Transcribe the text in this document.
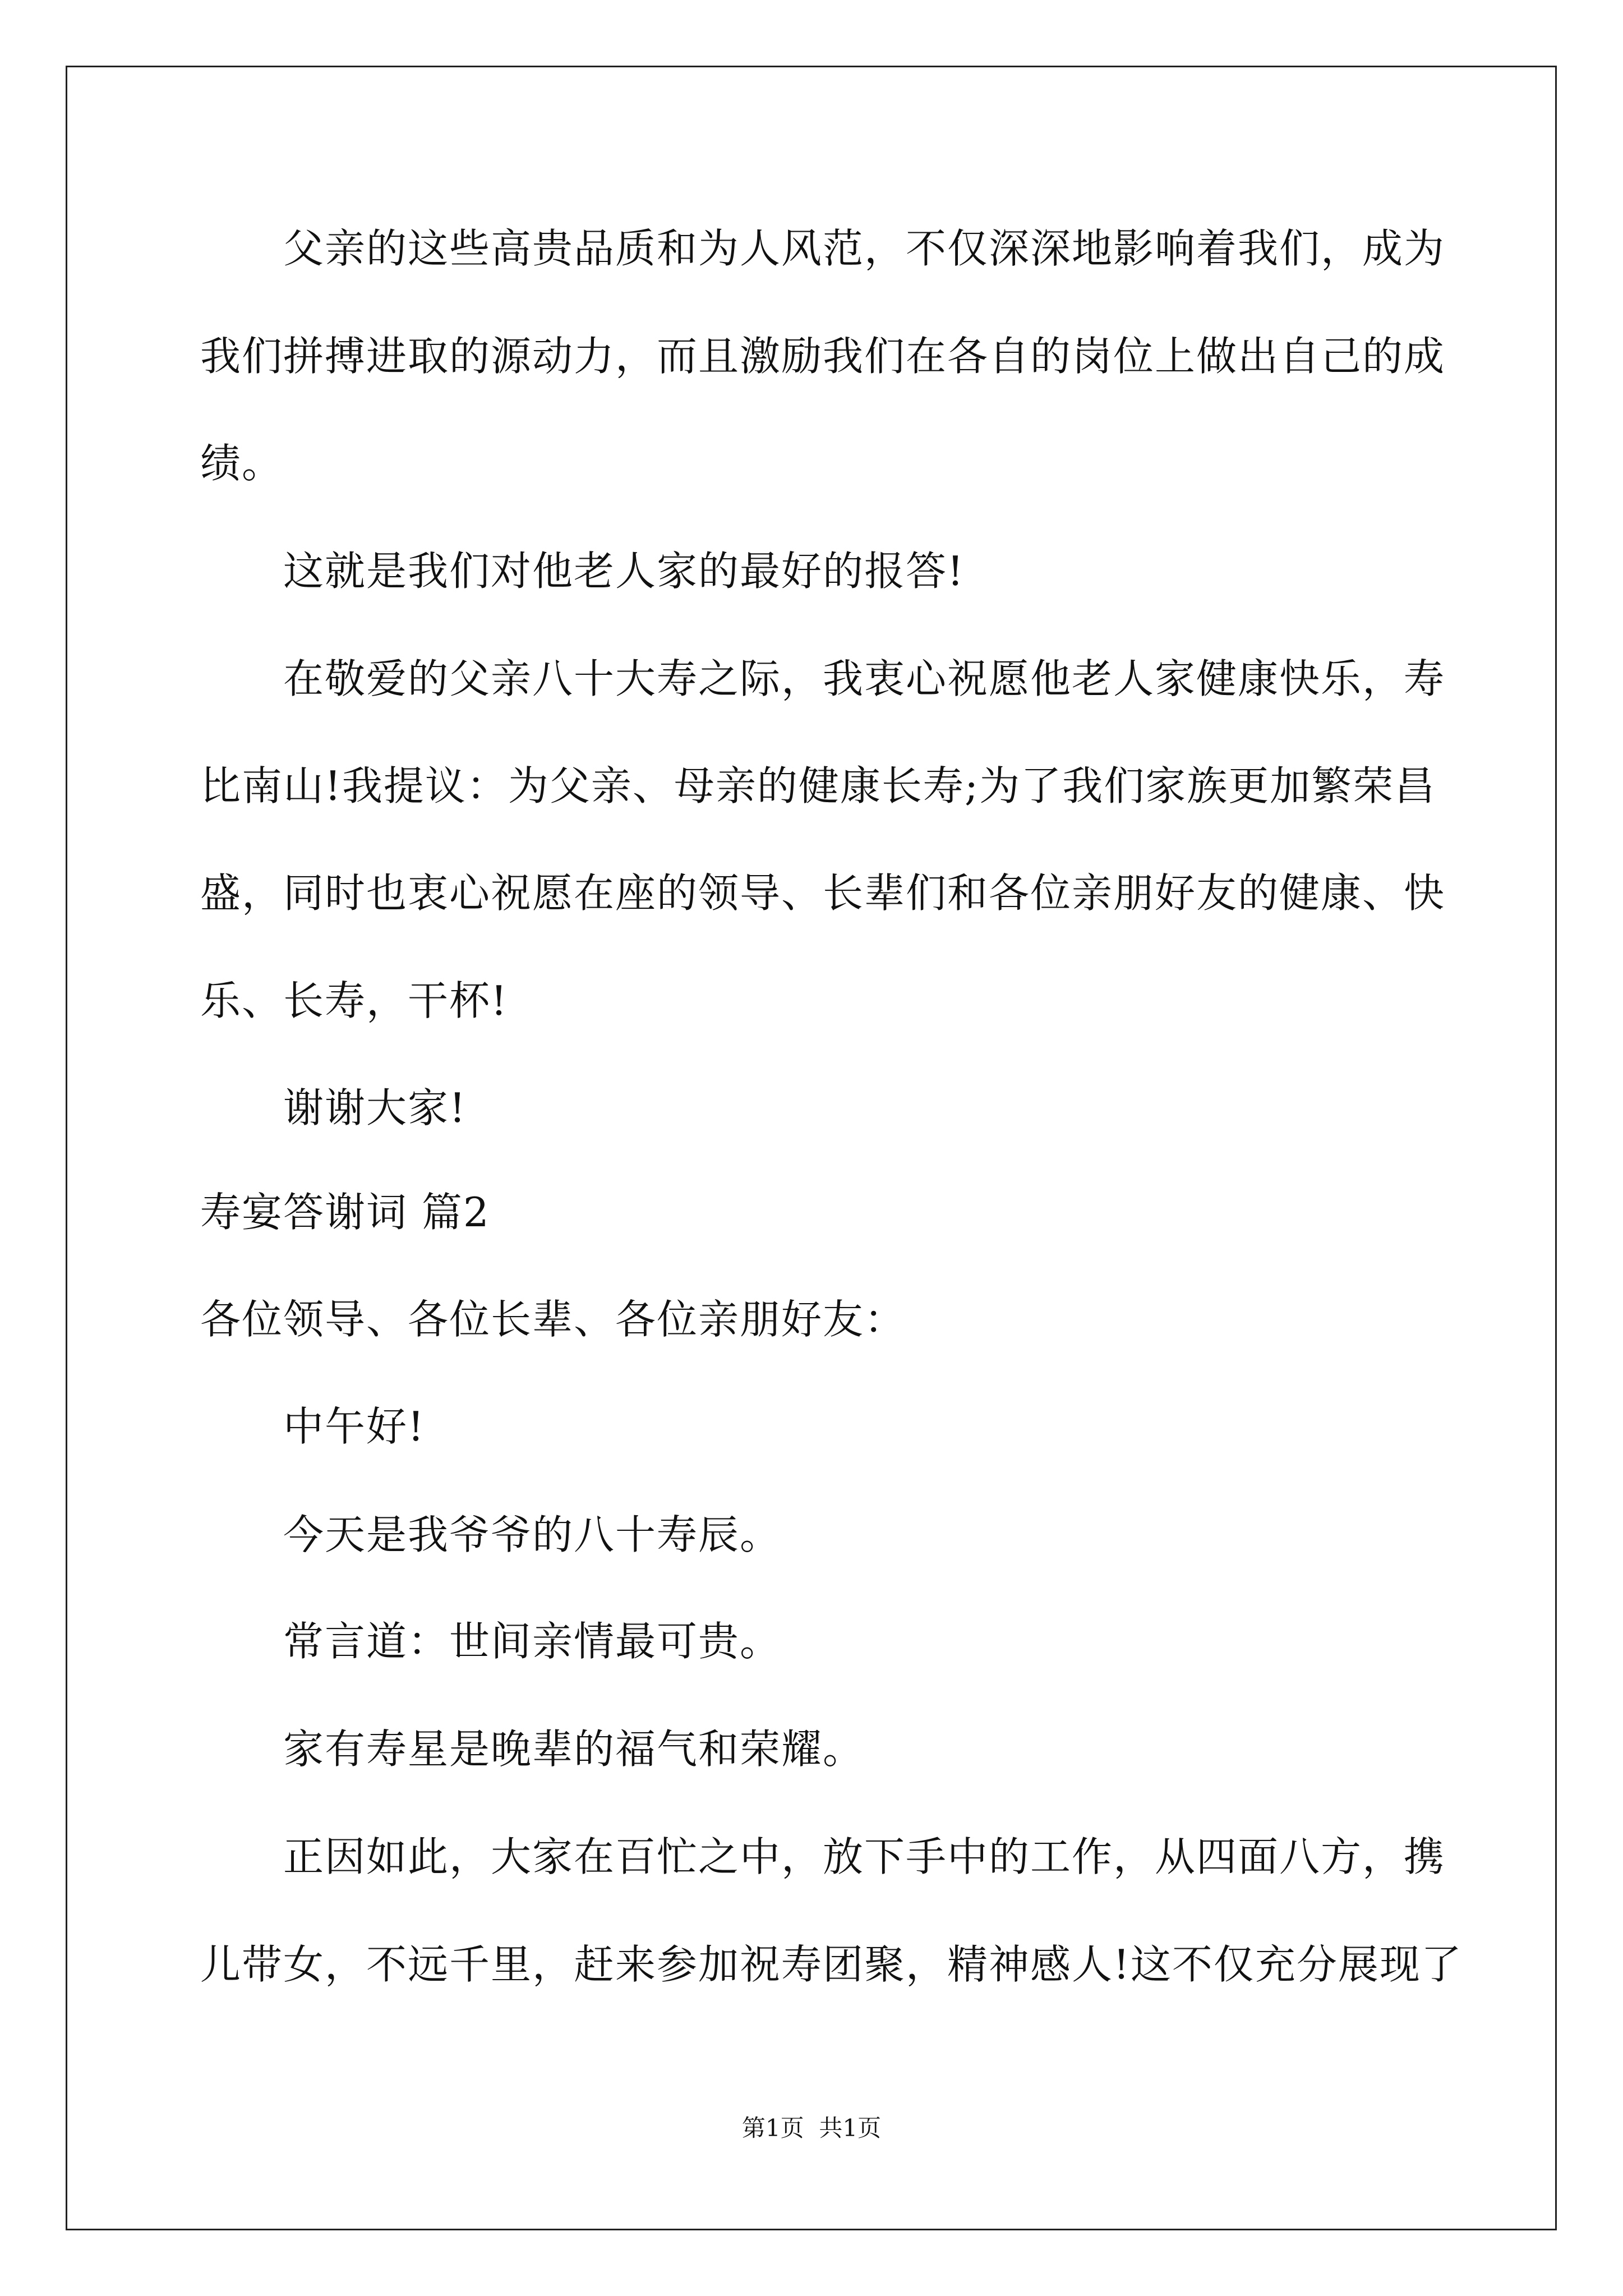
父亲的这些高贵品质和为人风范，不仅深深地影响着我们，成为
我们拼搏进取的源动力，而且激励我们在各自的岗位上做出自己的成
绩。
这就是我们对他老人家的最好的报答!
在敬爱的父亲八十大寿之际，我衷心祝愿他老人家健康快乐，寿
比南山!我提议：为父亲、母亲的健康长寿;为了我们家族更加繁荣昌
盛，同时也衷心祝愿在座的领导、长辈们和各位亲朋好友的健康、快
乐、长寿，干杯!
谢谢大家!
寿宴答谢词 篇2
各位领导、各位长辈、各位亲朋好友：
中午好!
今天是我爷爷的八十寿辰。
常言道：世间亲情最可贵。
家有寿星是晚辈的福气和荣耀。
正因如此，大家在百忙之中，放下手中的工作，从四面八方，携
儿带女，不远千里，赶来参加祝寿团聚，精神感人!这不仅充分展现了
第1页  共1页
